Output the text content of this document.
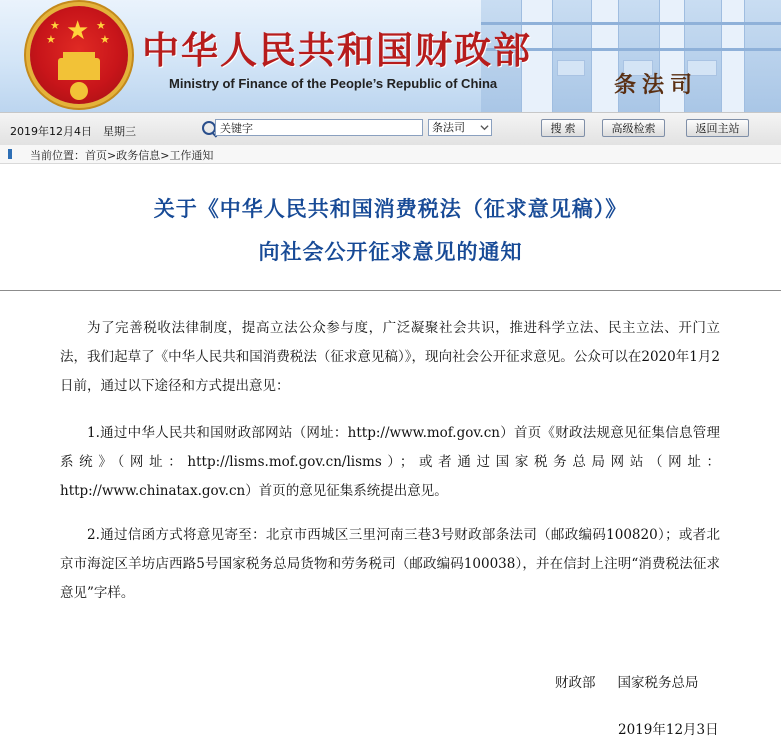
★
★
★
★
★ 中华人民共和国财政部
Ministry of Finance of the People’s Republic of China	条法司
2019年12月4日 星期三
关键字	条法司	搜 索	高级检索	返回主站
当前位置：首页>政务信息>工作通知
关于《中华人民共和国消费税法（征求意见稿）》
向社会公开征求意见的通知

为了完善税收法律制度，提高立法公众参与度，广泛凝聚社会共识，推进科学立法、民主立法、开门立法，我们起草了《中华人民共和国消费税法（征求意见稿）》，现向社会公开征求意见。公众可以在2020年1月2日前，通过以下途径和方式提出意见：

1.通过中华人民共和国财政部网站（网址：http://www.mof.gov.cn）首页《财政法规意见征集信息管理系统》（网址：http://lisms.mof.gov.cn/lisms）；或者通过国家税务总局网站（网址：http://www.chinatax.gov.cn）首页的意见征集系统提出意见。

2.通过信函方式将意见寄至：北京市西城区三里河南三巷3号财政部条法司（邮政编码100820）；或者北京市海淀区羊坊店西路5号国家税务总局货物和劳务税司（邮政编码100038），并在信封上注明“消费税法征求意见”字样。

财政部 国家税务总局
2019年12月3日
